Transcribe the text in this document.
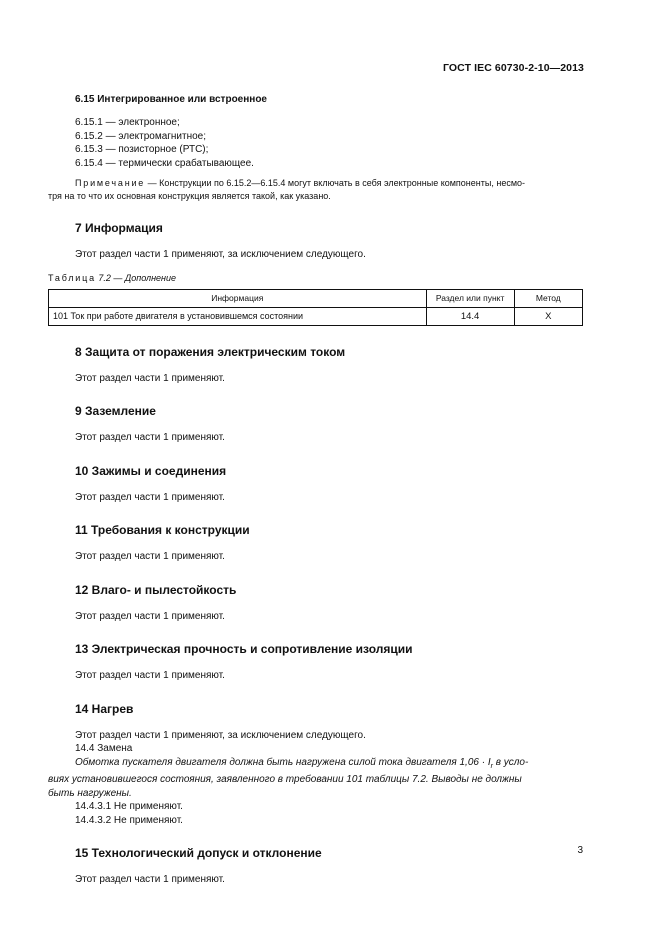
ГОСТ IEC 60730-2-10—2013
6.15 Интегрированное или встроенное
6.15.1 — электронное;
6.15.2 — электромагнитное;
6.15.3 — позисторное (РТС);
6.15.4 — термически срабатывающее.
Примечание — Конструкции по 6.15.2—6.15.4 могут включать в себя электронные компоненты, несмо-
тря на то что их основная конструкция является такой, как указано.
7 Информация
Этот раздел части 1 применяют, за исключением следующего.
Таблица 7.2 — Дополнение
Информация	Раздел или пункт	Метод
101 Ток при работе двигателя в установившемся состоянии	14.4	X
8 Защита от поражения электрическим током
Этот раздел части 1 применяют.
9 Заземление
Этот раздел части 1 применяют.
10 Зажимы и соединения
Этот раздел части 1 применяют.
11 Требования к конструкции
Этот раздел части 1 применяют.
12 Влаго- и пылестойкость
Этот раздел части 1 применяют.
13 Электрическая прочность и сопротивление изоляции
Этот раздел части 1 применяют.
14 Нагрев
Этот раздел части 1 применяют, за исключением следующего.
14.4 Замена
Обмотка пускателя двигателя должна быть нагружена силой тока двигателя $1,06 \cdot I_r$ в усло-
виях установившегося состояния, заявленного в требовании 101 таблицы 7.2. Выводы не должны
быть нагружены.
14.4.3.1 Не применяют.
14.4.3.2 Не применяют.
15 Технологический допуск и отклонение
Этот раздел части 1 применяют.
3
